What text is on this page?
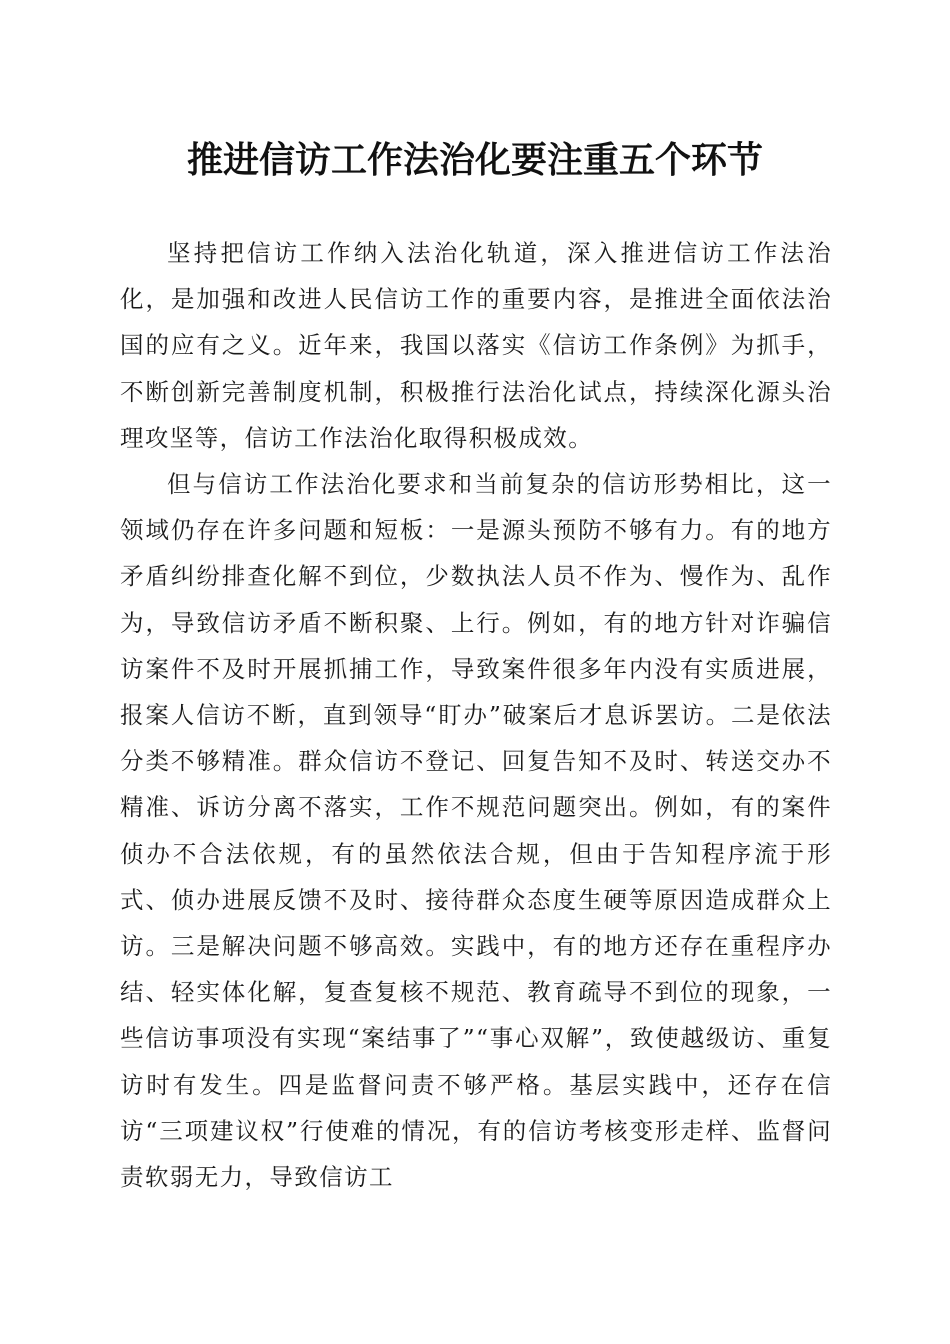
推进信访工作法治化要注重五个环节

坚持把信访工作纳入法治化轨道，深入推进信访工作法治化，是加强和改进人民信访工作的重要内容，是推进全面依法治国的应有之义。近年来，我国以落实《信访工作条例》为抓手，不断创新完善制度机制，积极推行法治化试点，持续深化源头治理攻坚等，信访工作法治化取得积极成效。

但与信访工作法治化要求和当前复杂的信访形势相比，这一领域仍存在许多问题和短板：一是源头预防不够有力。有的地方矛盾纠纷排查化解不到位，少数执法人员不作为、慢作为、乱作为，导致信访矛盾不断积聚、上行。例如，有的地方针对诈骗信访案件不及时开展抓捕工作，导致案件很多年内没有实质进展，报案人信访不断，直到领导“盯办”破案后才息诉罢访。二是依法分类不够精准。群众信访不登记、回复告知不及时、转送交办不精准、诉访分离不落实，工作不规范问题突出。例如，有的案件侦办不合法依规，有的虽然依法合规，但由于告知程序流于形式、侦办进展反馈不及时、接待群众态度生硬等原因造成群众上访。三是解决问题不够高效。实践中，有的地方还存在重程序办结、轻实体化解，复查复核不规范、教育疏导不到位的现象，一些信访事项没有实现“案结事了”“事心双解”，致使越级访、重复访时有发生。四是监督问责不够严格。基层实践中，还存在信访“三项建议权”行使难的情况，有的信访考核变形走样、监督问责软弱无力，导致信访工
